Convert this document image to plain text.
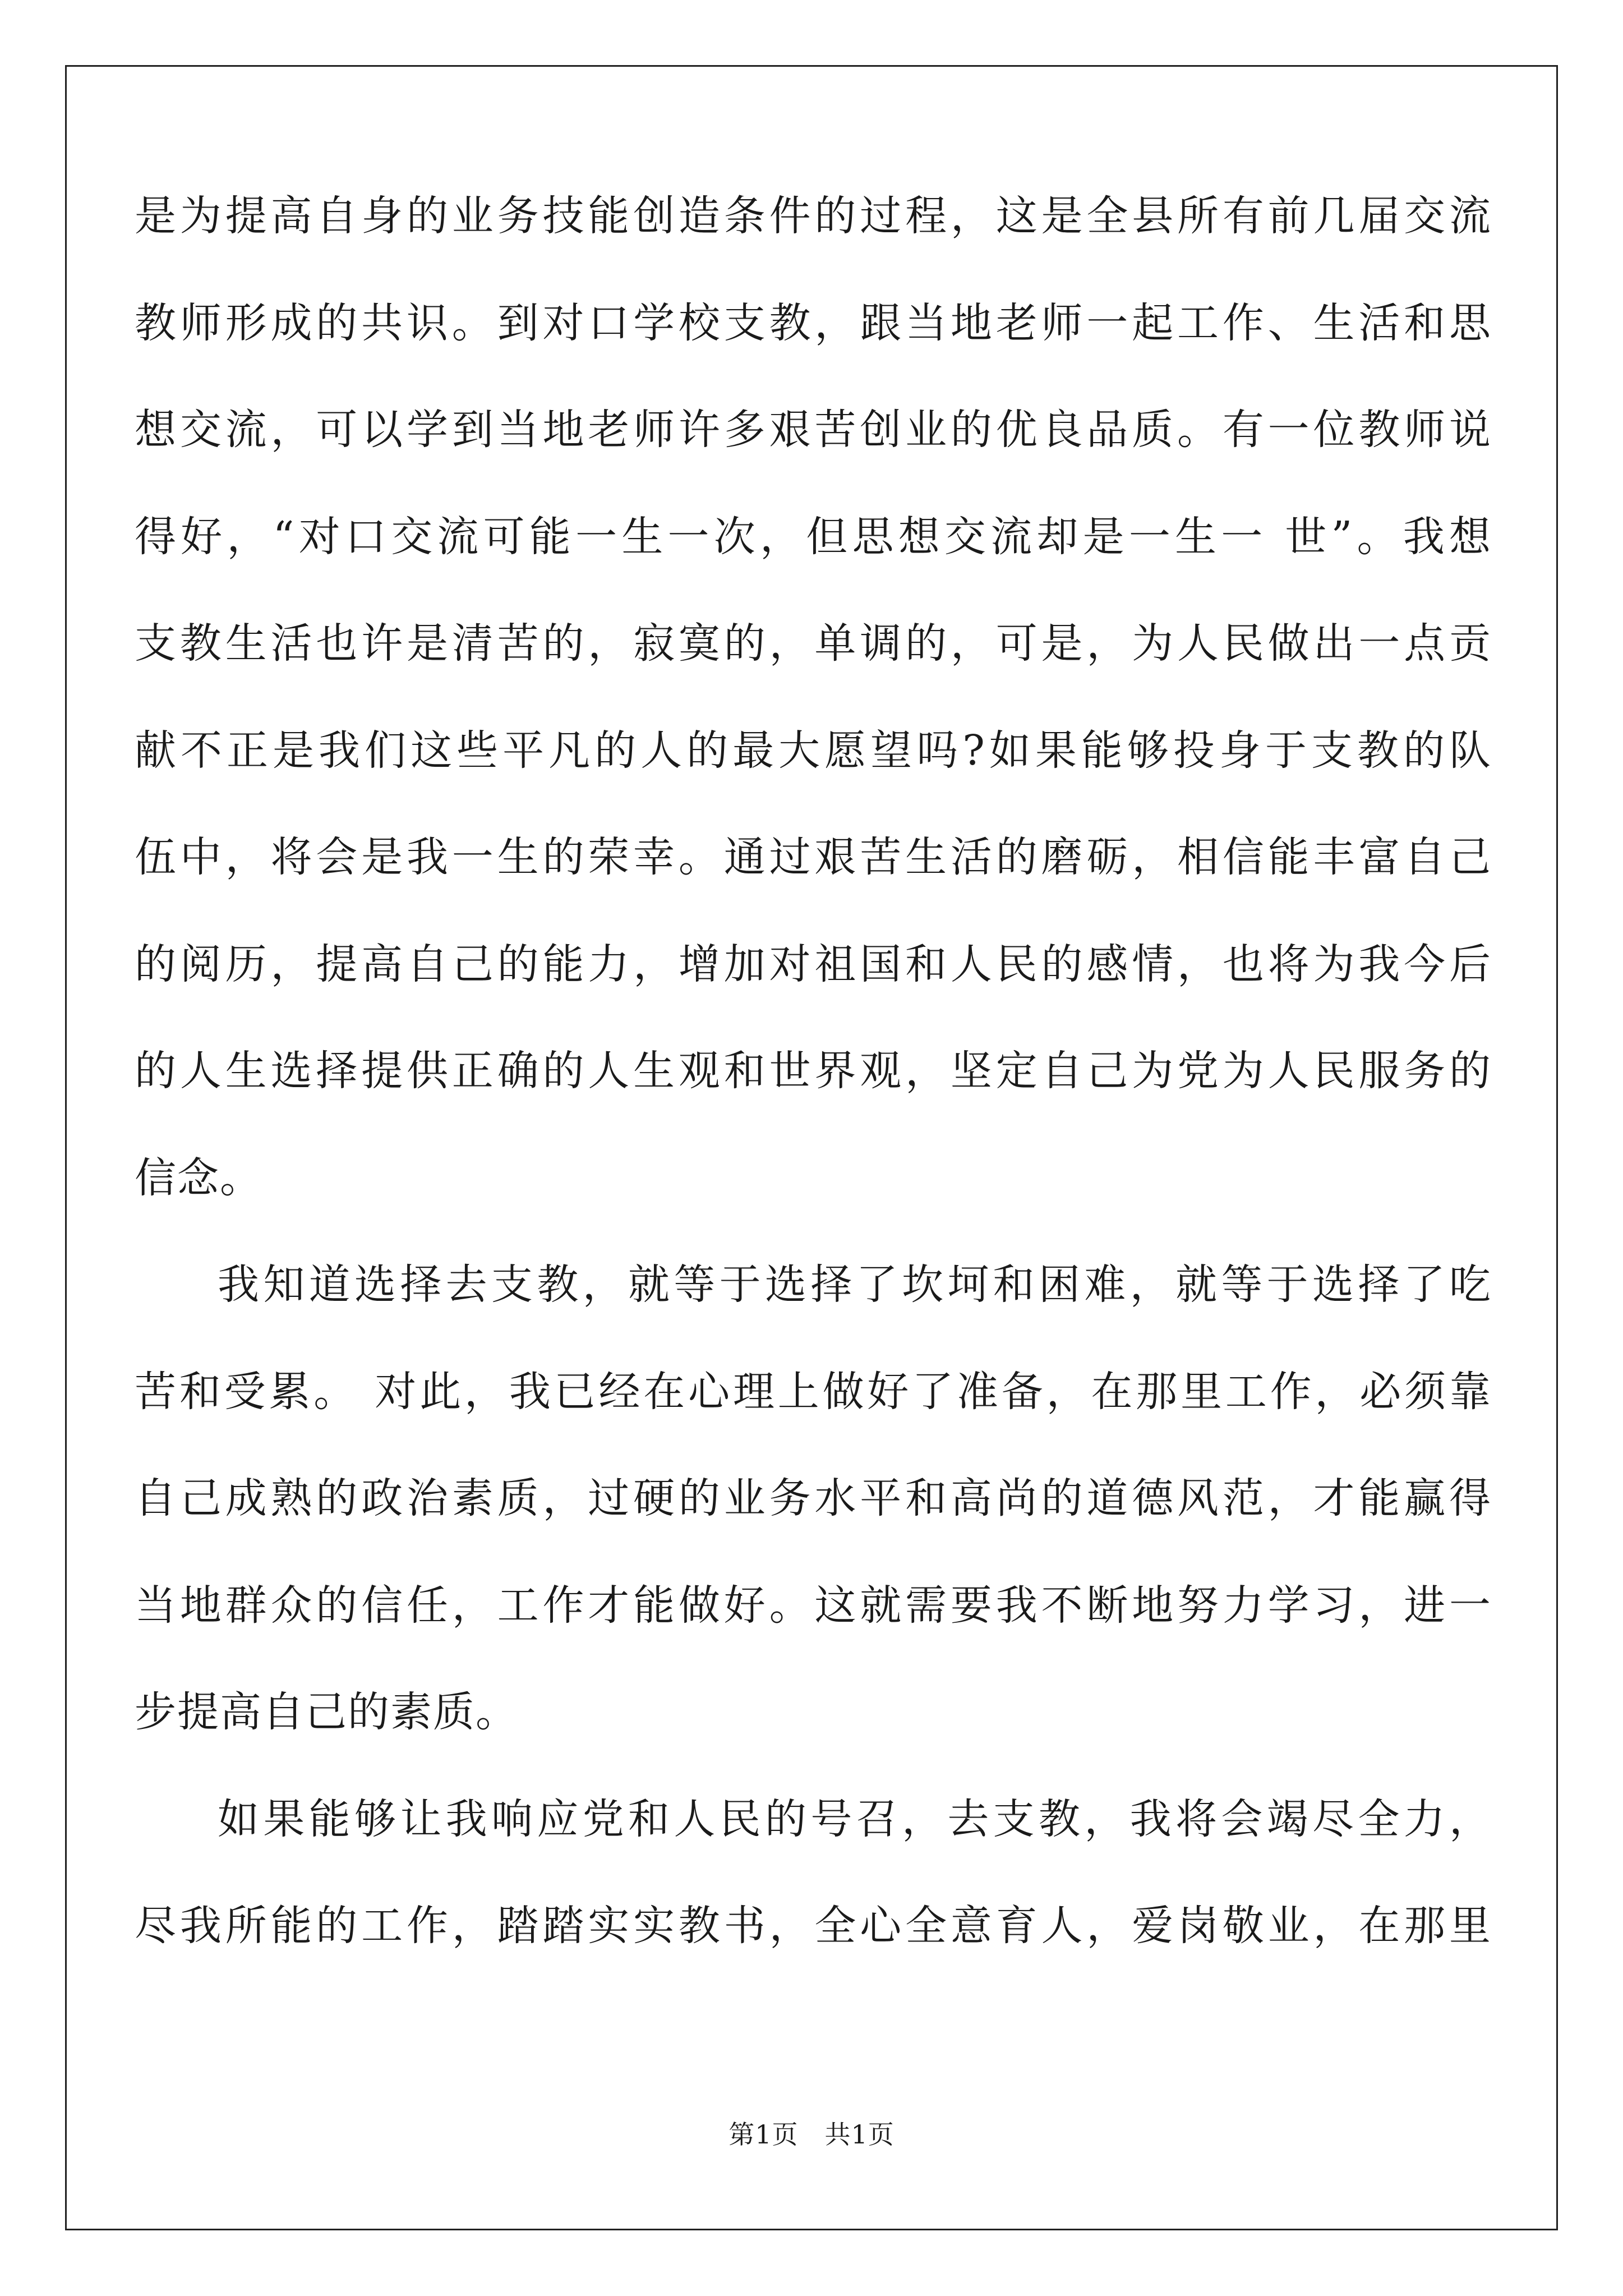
是为提高自身的业务技能创造条件的过程，这是全县所有前几届交流
教师形成的共识。到对口学校支教，跟当地老师一起工作、生活和思
想交流，可以学到当地老师许多艰苦创业的优良品质。有一位教师说
得好，“对口交流可能一生一次，但思想交流却是一生一 世”。我想
支教生活也许是清苦的，寂寞的，单调的，可是，为人民做出一点贡
献不正是我们这些平凡的人的最大愿望吗?如果能够投身于支教的队
伍中，将会是我一生的荣幸。通过艰苦生活的磨砺，相信能丰富自己
的阅历，提高自己的能力，增加对祖国和人民的感情，也将为我今后
的人生选择提供正确的人生观和世界观，坚定自己为党为人民服务的
信念。
我知道选择去支教，就等于选择了坎坷和困难，就等于选择了吃
苦和受累。 对此，我已经在心理上做好了准备，在那里工作，必须靠
自己成熟的政治素质，过硬的业务水平和高尚的道德风范，才能赢得
当地群众的信任，工作才能做好。这就需要我不断地努力学习，进一
步提高自己的素质。
如果能够让我响应党和人民的号召，去支教，我将会竭尽全力，
尽我所能的工作，踏踏实实教书，全心全意育人，爱岗敬业，在那里
第1页　共1页
